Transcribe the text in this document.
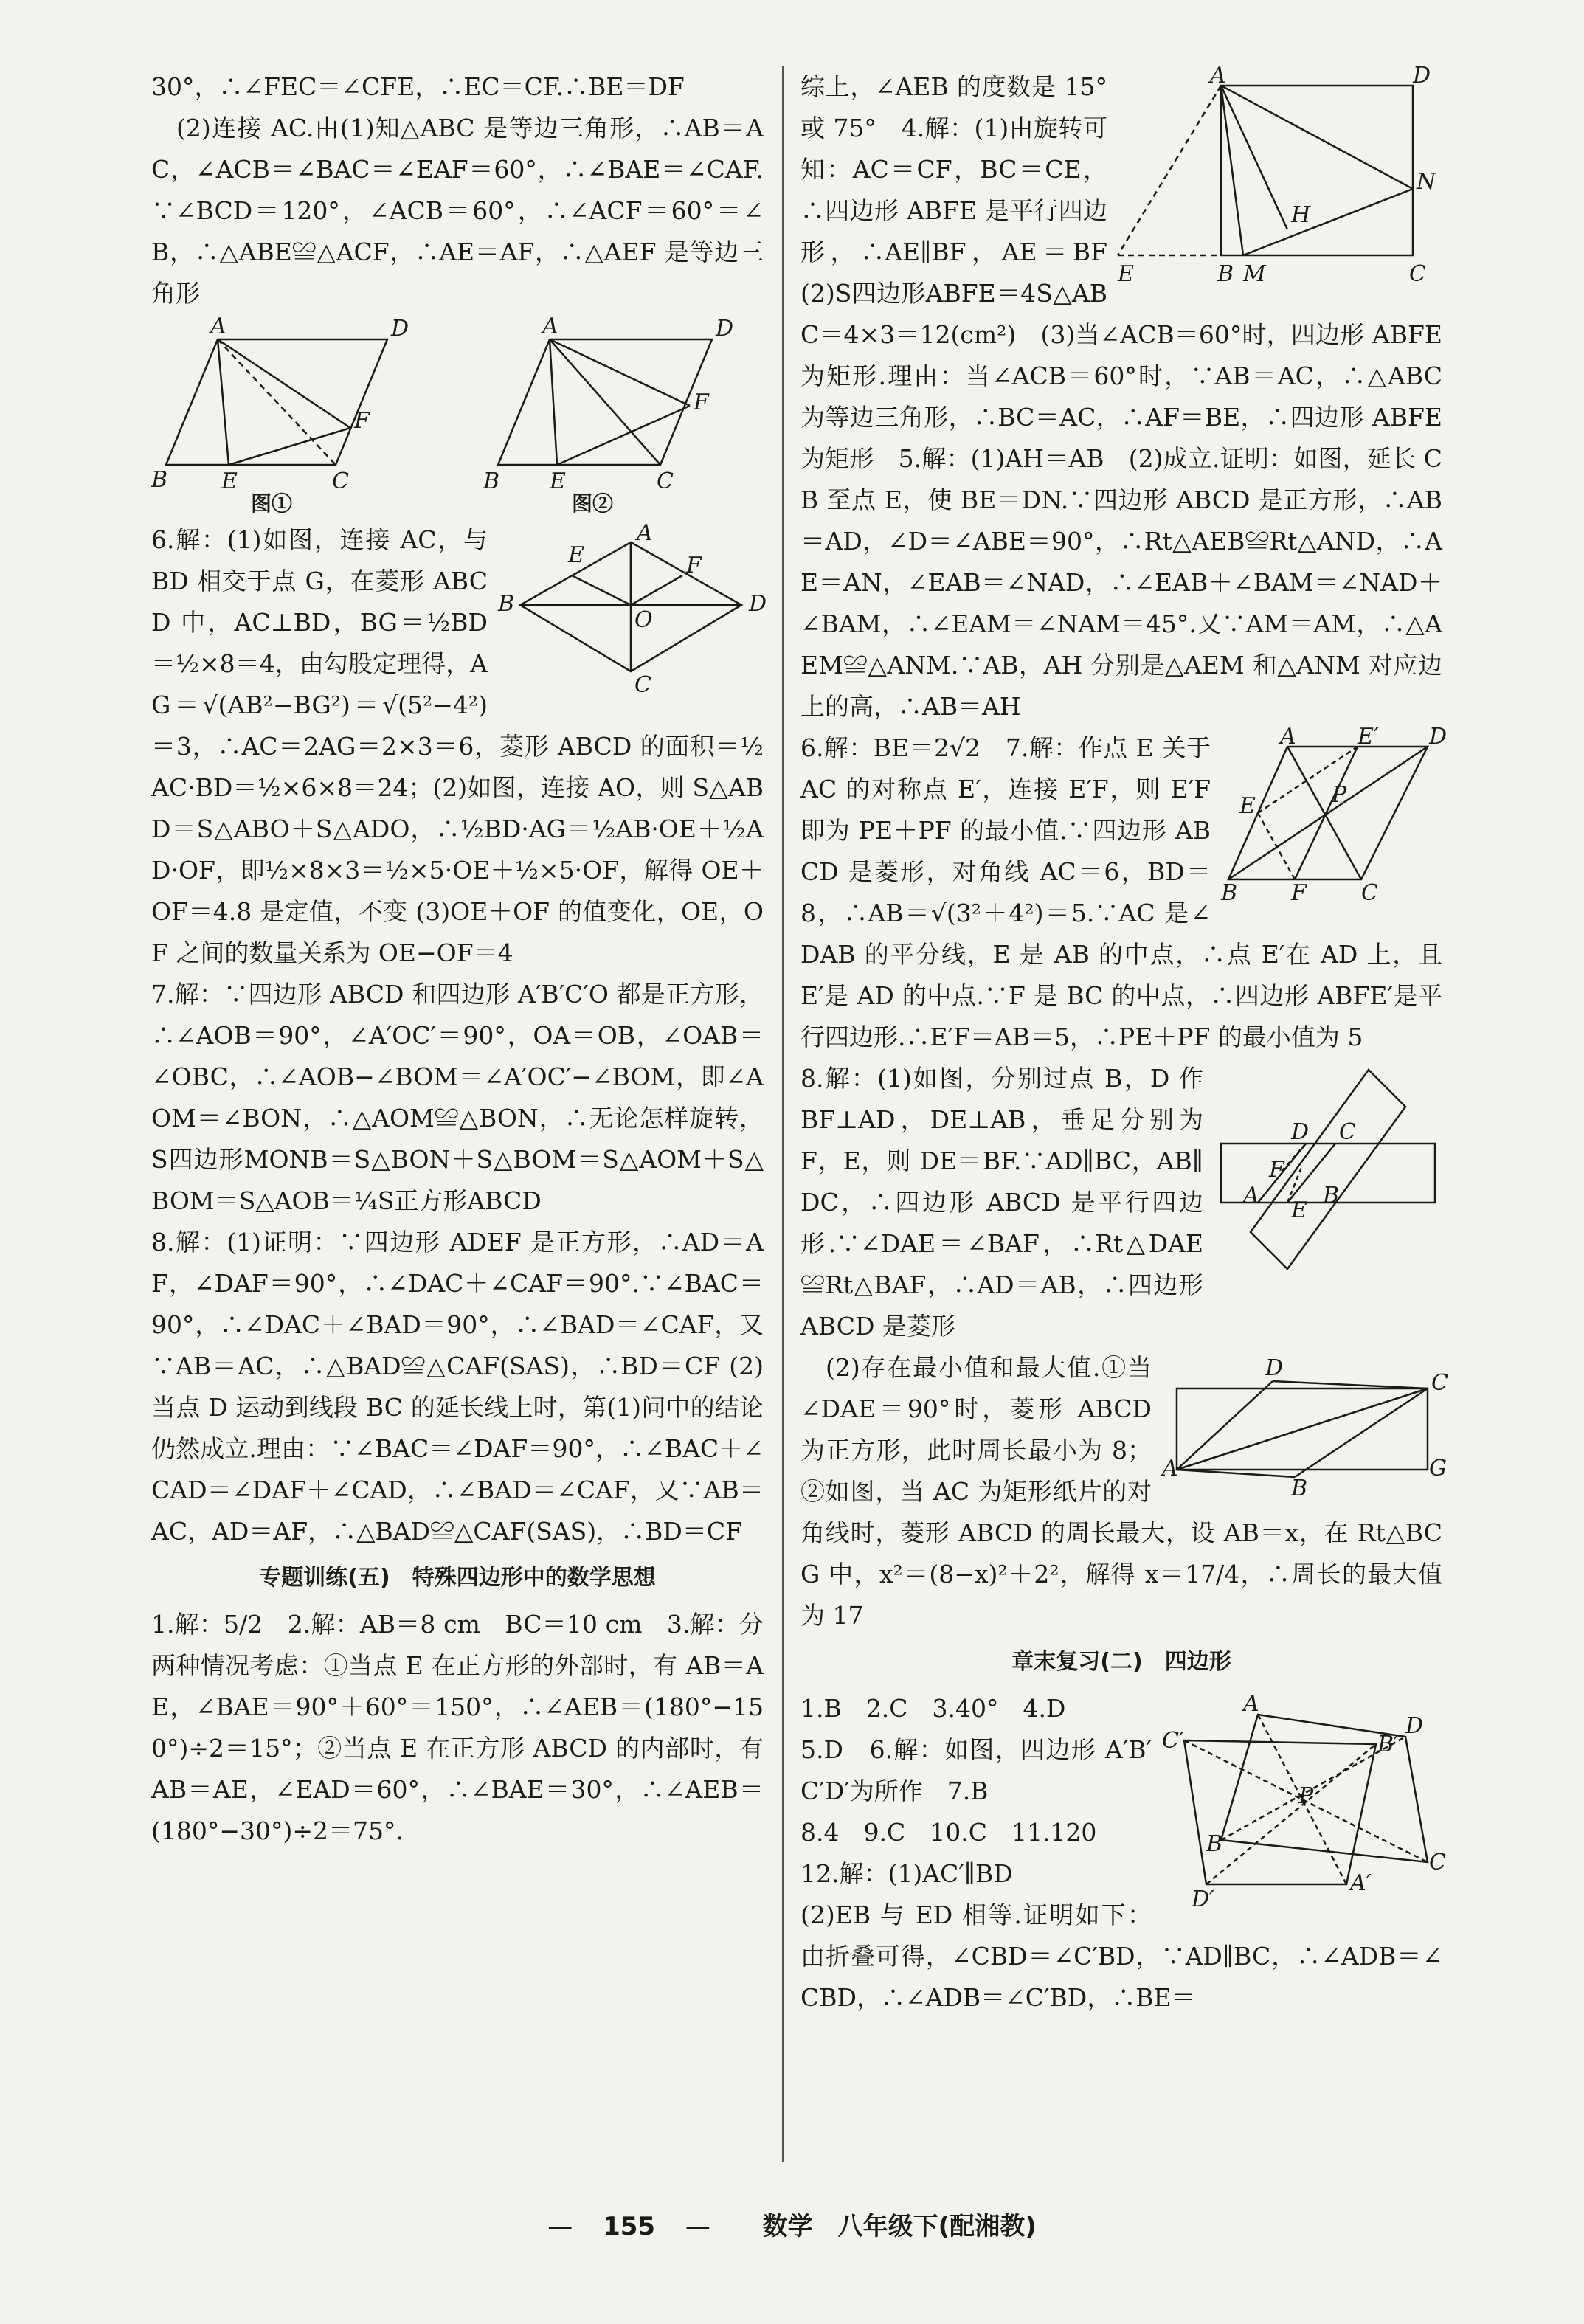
30°，∴∠FEC＝∠CFE，∴EC＝CF.∴BE＝DF

(2)连接 AC.由(1)知△ABC 是等边三角形，∴AB＝AC，∠ACB＝∠BAC＝∠EAF＝60°，∴∠BAE＝∠CAF.∵∠BCD＝120°，∠ACB＝60°，∴∠ACF＝60°＝∠B，∴△ABE≌△ACF，∴AE＝AF，∴△AEF 是等边三角形

A	D
F
B E	C
A	D
F
B E	C
图①	图②
E
A
F
B	D
O
C

6.解：(1)如图，连接 AC，与 BD 相交于点 G，在菱形 ABCD 中，AC⊥BD，BG＝½BD＝½×8＝4，由勾股定理得，AG＝√(AB²−BG²)＝√(5²−4²)＝3，∴AC＝2AG＝2×3＝6，菱形 ABCD 的面积＝½AC·BD＝½×6×8＝24；(2)如图，连接 AO，则 S△ABD＝S△ABO＋S△ADO，∴½BD·AG＝½AB·OE＋½AD·OF，即½×8×3＝½×5·OE＋½×5·OF，解得 OE＋OF＝4.8 是定值，不变 (3)OE＋OF 的值变化，OE，OF 之间的数量关系为 OE−OF＝4

7.解：∵四边形 ABCD 和四边形 A′B′C′O 都是正方形，∴∠AOB＝90°，∠A′OC′＝90°，OA＝OB，∠OAB＝∠OBC，∴∠AOB−∠BOM＝∠A′OC′−∠BOM，即∠AOM＝∠BON，∴△AOM≌△BON，∴无论怎样旋转，S四边形MONB＝S△BON＋S△BOM＝S△AOM＋S△BOM＝S△AOB＝¼S正方形ABCD

8.解：(1)证明：∵四边形 ADEF 是正方形，∴AD＝AF，∠DAF＝90°，∴∠DAC＋∠CAF＝90°.∵∠BAC＝90°，∴∠DAC＋∠BAD＝90°，∴∠BAD＝∠CAF，又∵AB＝AC，∴△BAD≌△CAF(SAS)，∴BD＝CF (2)当点 D 运动到线段 BC 的延长线上时，第(1)问中的结论仍然成立.理由：∵∠BAC＝∠DAF＝90°，∴∠BAC＋∠CAD＝∠DAF＋∠CAD，∴∠BAD＝∠CAF，又∵AB＝AC，AD＝AF，∴△BAD≌△CAF(SAS)，∴BD＝CF

专题训练(五)　特殊四边形中的数学思想

1.解：5/2　2.解：AB＝8 cm　BC＝10 cm　3.解：分两种情况考虑：①当点 E 在正方形的外部时，有 AB＝AE，∠BAE＝90°＋60°＝150°，∴∠AEB＝(180°−150°)÷2＝15°；②当点 E 在正方形 ABCD 的内部时，有 AB＝AE，∠EAD＝60°，∴∠BAE＝30°，∴∠AEB＝(180°−30°)÷2＝75°.

A	D
N
H
E	B M	C

综上，∠AEB 的度数是 15°或 75°　4.解：(1)由旋转可知：AC＝CF，BC＝CE，∴四边形 ABFE 是平行四边形，∴AE∥BF，AE＝BF　(2)S四边形ABFE＝4S△ABC＝4×3＝12(cm²)　(3)当∠ACB＝60°时，四边形 ABFE 为矩形.理由：当∠ACB＝60°时，∵AB＝AC，∴△ABC 为等边三角形，∴BC＝AC，∴AF＝BE，∴四边形 ABFE 为矩形　5.解：(1)AH＝AB　(2)成立.证明：如图，延长 CB 至点 E，使 BE＝DN.∵四边形 ABCD 是正方形，∴AB＝AD，∠D＝∠ABE＝90°，∴Rt△AEB≌Rt△AND，∴AE＝AN，∠EAB＝∠NAD，∴∠EAB＋∠BAM＝∠NAD＋∠BAM，∴∠EAM＝∠NAM＝45°.又∵AM＝AM，∴△AEM≌△ANM.∵AB，AH 分别是△AEM 和△ANM 对应边上的高，∴AB＝AH

A	E′ D
E	P
B F C

6.解：BE＝2√2　7.解：作点 E 关于 AC 的对称点 E′，连接 E′F，则 E′F 即为 PE＋PF 的最小值.∵四边形 ABCD 是菱形，对角线 AC＝6，BD＝8，∴AB＝√(3²＋4²)＝5.∵AC 是∠DAB 的平分线，E 是 AB 的中点，∴点 E′在 AD 上，且 E′是 AD 的中点.∵F 是 BC 的中点，∴四边形 ABFE′是平行四边形.∴E′F＝AB＝5，∴PE＋PF 的最小值为 5

D C
F
A
E
B

8.解：(1)如图，分别过点 B，D 作 BF⊥AD，DE⊥AB，垂足分别为 F，E，则 DE＝BF.∵AD∥BC，AB∥DC，∴四边形 ABCD 是平行四边形.∵∠DAE＝∠BAF，∴Rt△DAE≌Rt△BAF，∴AD＝AB，∴四边形 ABCD 是菱形

D
C
A
B
G

(2)存在最小值和最大值.①当∠DAE＝90°时，菱形 ABCD 为正方形，此时周长最小为 8；②如图，当 AC 为矩形纸片的对角线时，菱形 ABCD 的周长最大，设 AB＝x，在 Rt△BCG 中，x²＝(8−x)²＋2²，解得 x＝17/4，∴周长的最大值为 17

章末复习(二)　四边形

A
D
C′	B′
P
B
C
A′
D′

1.B　2.C　3.40°　4.D

5.D　6.解：如图，四边形 A′B′C′D′为所作　7.B

8.4　9.C　10.C　11.120

12.解：(1)AC′∥BD

(2)EB 与 ED 相等.证明如下：由折叠可得，∠CBD＝∠C′BD，∵AD∥BC，∴∠ADB＝∠CBD，∴∠ADB＝∠C′BD，∴BE＝

— 155 — 数学　八年级下(配湘教)
